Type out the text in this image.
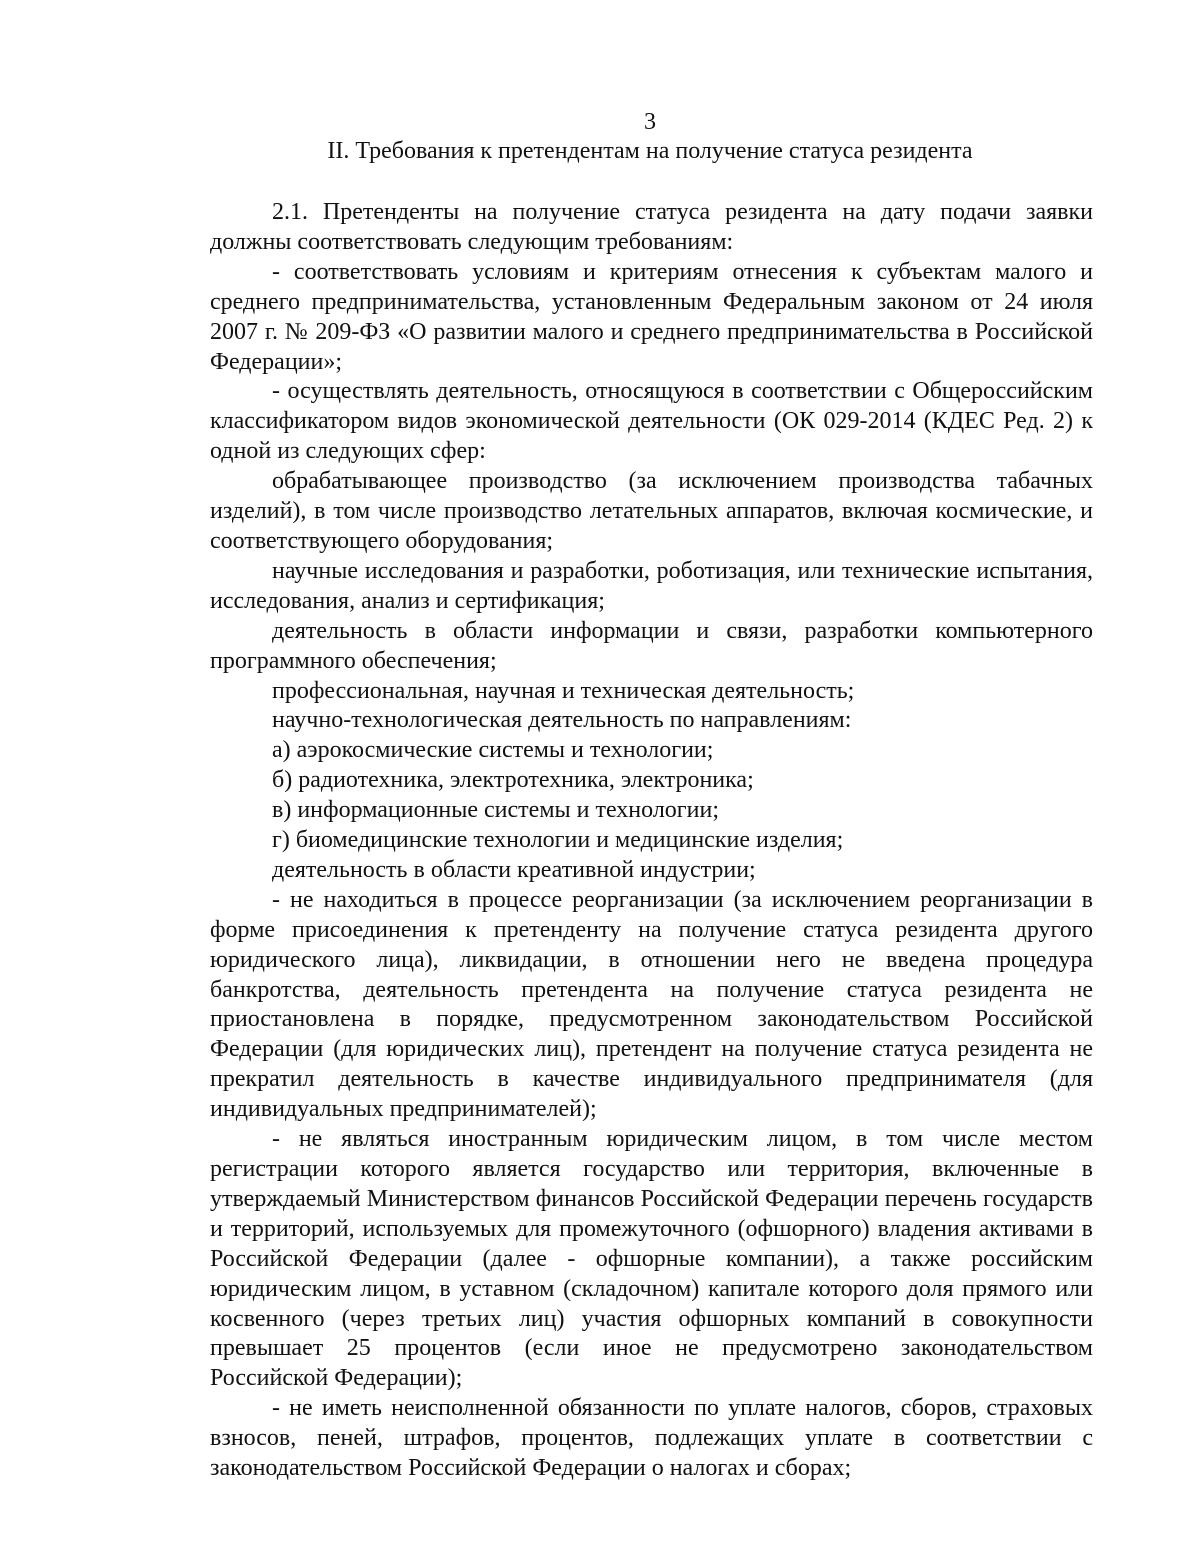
3
II. Требования к претендентам на получение статуса резидента

2.1. Претенденты на получение статуса резидента на дату подачи заявки должны соответствовать следующим требованиям:

- соответствовать условиям и критериям отнесения к субъектам малого и среднего предпринимательства, установленным Федеральным законом от 24 июля 2007 г. № 209-ФЗ «О развитии малого и среднего предпринимательства в Российской Федерации»;

- осуществлять деятельность, относящуюся в соответствии с Общероссийским классификатором видов экономической деятельности (ОК 029-2014 (КДЕС Ред. 2) к одной из следующих сфер:

обрабатывающее производство (за исключением производства табачных изделий), в том числе производство летательных аппаратов, включая космические, и соответствующего оборудования;

научные исследования и разработки, роботизация, или технические испытания, исследования, анализ и сертификация;

деятельность в области информации и связи, разработки компьютерного программного обеспечения;

профессиональная, научная и техническая деятельность;

научно-технологическая деятельность по направлениям:

а) аэрокосмические системы и технологии;

б) радиотехника, электротехника, электроника;

в) информационные системы и технологии;

г) биомедицинские технологии и медицинские изделия;

деятельность в области креативной индустрии;

- не находиться в процессе реорганизации (за исключением реорганизации в форме присоединения к претенденту на получение статуса резидента другого юридического лица), ликвидации, в отношении него не введена процедура банкротства, деятельность претендента на получение статуса резидента не приостановлена в порядке, предусмотренном законодательством Российской Федерации (для юридических лиц), претендент на получение статуса резидента не прекратил деятельность в качестве индивидуального предпринимателя (для индивидуальных предпринимателей);

- не являться иностранным юридическим лицом, в том числе местом регистрации которого является государство или территория, включенные в утверждаемый Министерством финансов Российской Федерации перечень государств и территорий, используемых для промежуточного (офшорного) владения активами в Российской Федерации (далее - офшорные компании), а также российским юридическим лицом, в уставном (складочном) капитале которого доля прямого или косвенного (через третьих лиц) участия офшорных компаний в совокупности превышает 25 процентов (если иное не предусмотрено законодательством Российской Федерации);

- не иметь неисполненной обязанности по уплате налогов, сборов, страховых взносов, пеней, штрафов, процентов, подлежащих уплате в соответствии с законодательством Российской Федерации о налогах и сборах;
